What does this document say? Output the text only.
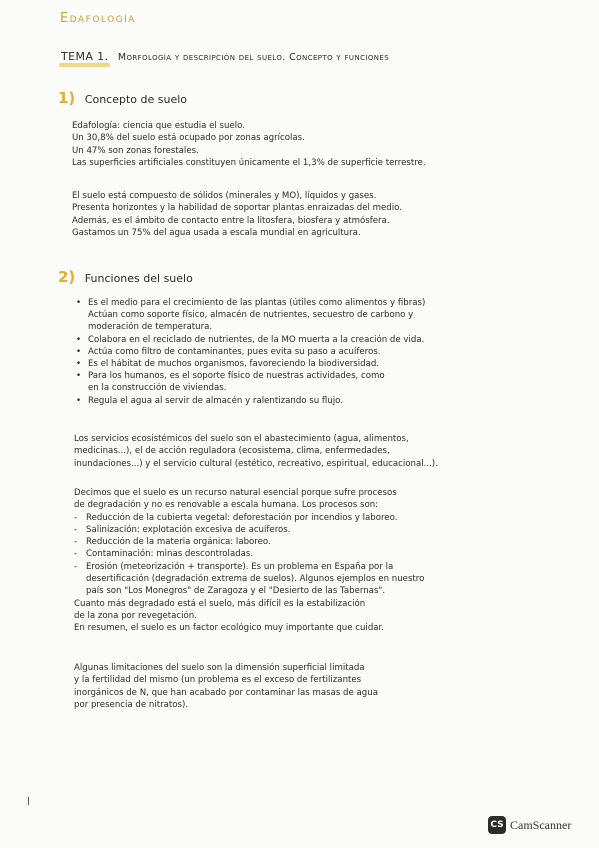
Edafología
TEMA 1. Morfología y descripción del suelo. Concepto y funciones
1) Concepto de suelo
Edafología: ciencia que estudia el suelo.
Un 30,8% del suelo está ocupado por zonas agrícolas.
Un 47% son zonas forestales.
Las superficies artificiales constituyen únicamente el 1,3% de superficie terrestre.
El suelo está compuesto de sólidos (minerales y MO), líquidos y gases.
Presenta horizontes y la habilidad de soportar plantas enraizadas del medio.
Además, es el ámbito de contacto entre la litosfera, biosfera y atmósfera.
Gastamos un 75% del agua usada a escala mundial en agricultura.
2) Funciones del suelo
• Es el medio para el crecimiento de las plantas (útiles como alimentos y fibras)
Actúan como soporte físico, almacén de nutrientes, secuestro de carbono y
moderación de temperatura.
• Colabora en el reciclado de nutrientes, de la MO muerta a la creación de vida.
• Actúa como filtro de contaminantes, pues evita su paso a acuíferos.
• Es el hábitat de muchos organismos, favoreciendo la biodiversidad.
• Para los humanos, es el soporte físico de nuestras actividades, como
en la construcción de viviendas.
• Regula el agua al servir de almacén y ralentizando su flujo.
Los servicios ecosistémicos del suelo son el abastecimiento (agua, alimentos,
medicinas...), el de acción reguladora (ecosistema, clima, enfermedades,
inundaciones...) y el servicio cultural (estético, recreativo, espiritual, educacional...).
Decimos que el suelo es un recurso natural esencial porque sufre procesos
de degradación y no es renovable a escala humana. Los procesos son:
- Reducción de la cubierta vegetal: deforestación por incendios y laboreo.
- Salinización: explotación excesiva de acuíferos.
- Reducción de la materia orgánica: laboreo.
- Contaminación: minas descontroladas.
- Erosión (meteorización + transporte). Es un problema en España por la
desertificación (degradación extrema de suelos). Algunos ejemplos en nuestro
país son "Los Monegros" de Zaragoza y el "Desierto de las Tabernas".
Cuanto más degradado está el suelo, más difícil es la estabilización
de la zona por revegetación.
En resumen, el suelo es un factor ecológico muy importante que cuidar.
Algunas limitaciones del suelo son la dimensión superficial limitada
y la fertilidad del mismo (un problema es el exceso de fertilizantes
inorgánicos de N, que han acabado por contaminar las masas de agua
por presencia de nitratos).
CS CamScanner
